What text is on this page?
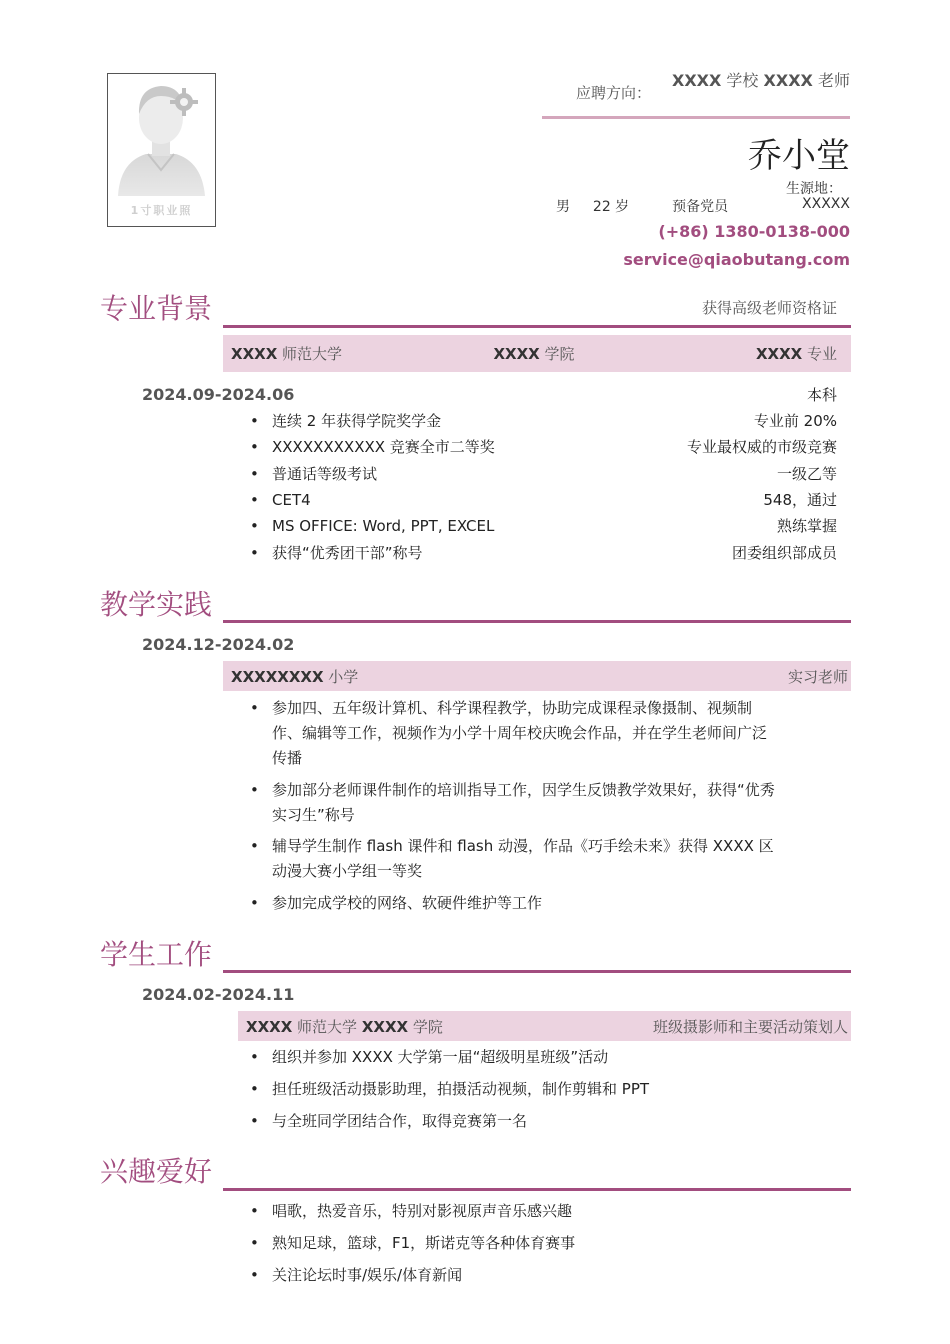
1寸职业照
应聘方向：
XXXX 学校 XXXX 老师
乔小堂
生源地：
男 22 岁	预备党员	XXXXX
(+86) 1380-0138-000
service@qiaobutang.com
专业背景	获得高级老师资格证
XXXX 师范大学	XXXX 学院	XXXX 专业
2024.09-2024.06	本科
• 连续 2 年获得学院奖学金	专业前 20%
• XXXXXXXXXXX 竞赛全市二等奖	专业最权威的市级竞赛
• 普通话等级考试	一级乙等
• CET4	548，通过
• MS OFFICE: Word, PPT, EXCEL	熟练掌握
• 获得“优秀团干部”称号	团委组织部成员
教学实践
2024.12-2024.02
XXXXXXXX 小学	实习老师
• 参加四、五年级计算机、科学课程教学，协助完成课程录像摄制、视频制作、编辑等工作，视频作为小学十周年校庆晚会作品，并在学生老师间广泛传播
• 参加部分老师课件制作的培训指导工作，因学生反馈教学效果好，获得“优秀实习生”称号
• 辅导学生制作 flash 课件和 flash 动漫，作品《巧手绘未来》获得 XXXX 区动漫大赛小学组一等奖
• 参加完成学校的网络、软硬件维护等工作
学生工作
2024.02-2024.11
XXXX 师范大学 XXXX 学院	班级摄影师和主要活动策划人
• 组织并参加 XXXX 大学第一届“超级明星班级”活动
• 担任班级活动摄影助理，拍摄活动视频，制作剪辑和 PPT
• 与全班同学团结合作，取得竞赛第一名
兴趣爱好
• 唱歌，热爱音乐，特别对影视原声音乐感兴趣
• 熟知足球，篮球，F1，斯诺克等各种体育赛事
• 关注论坛时事/娱乐/体育新闻
